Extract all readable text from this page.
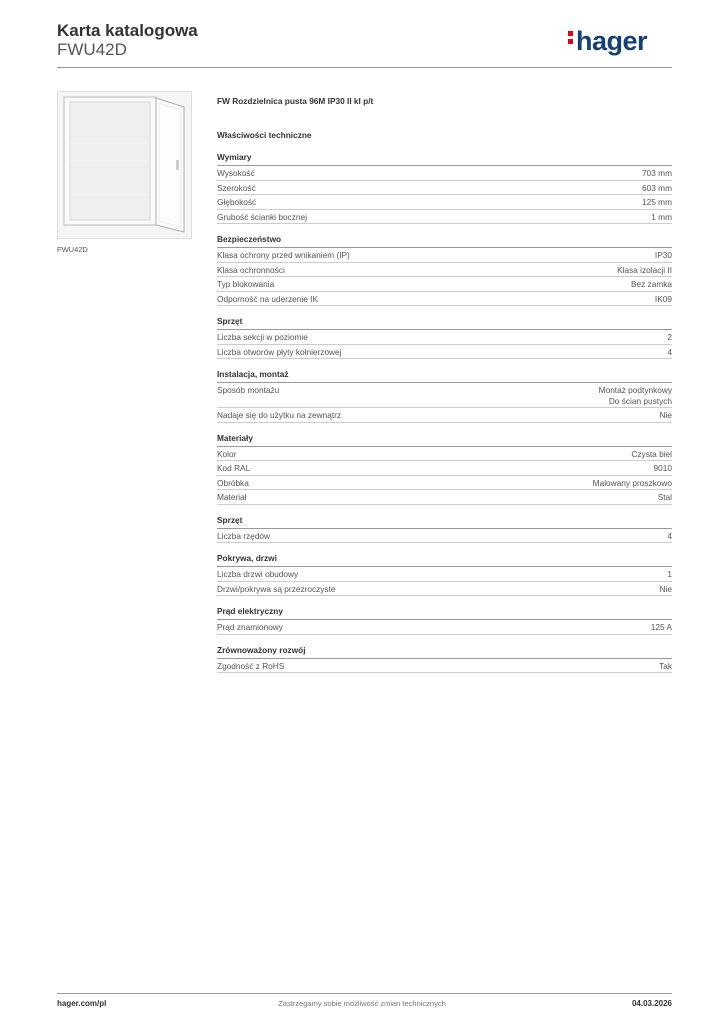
Karta katalogowa
FWU42D	hager
FWU42D
FW Rozdzielnica pusta 96M IP30 II kl p/t
Właściwości techniczne
Wymiary
Wysokość	703 mm
Szerokość	603 mm
Głębokość	125 mm
Grubość ścianki bocznej	1 mm
Bezpieczeństwo
Klasa ochrony przed wnikaniem (IP)	IP30
Klasa ochronności	Klasa izolacji II
Typ blokowania	Bez zamka
Odporność na uderzenie IK	IK09
Sprzęt
Liczba sekcji w poziomie	2
Liczba otworów płyty kołnierzowej	4
Instalacja, montaż
Sposób montażu	Montaż podtynkowy
Do ścian pustych
Nadaje się do użytku na zewnątrz	Nie
Materiały
Kolor	Czysta biel
Kod RAL	9010
Obróbka	Malowany proszkowo
Materiał	Stal
Sprzęt
Liczba rzędów	4
Pokrywa, drzwi
Liczba drzwi obudowy	1
Drzwi/pokrywa są przezroczyste	Nie
Prąd elektryczny
Prąd znamionowy	125 A
Zrównoważony rozwój
Zgodność z RoHS	Tak
hager.com/pl	Zastrzegamy sobie możliwość zmian technicznych	04.03.2026
